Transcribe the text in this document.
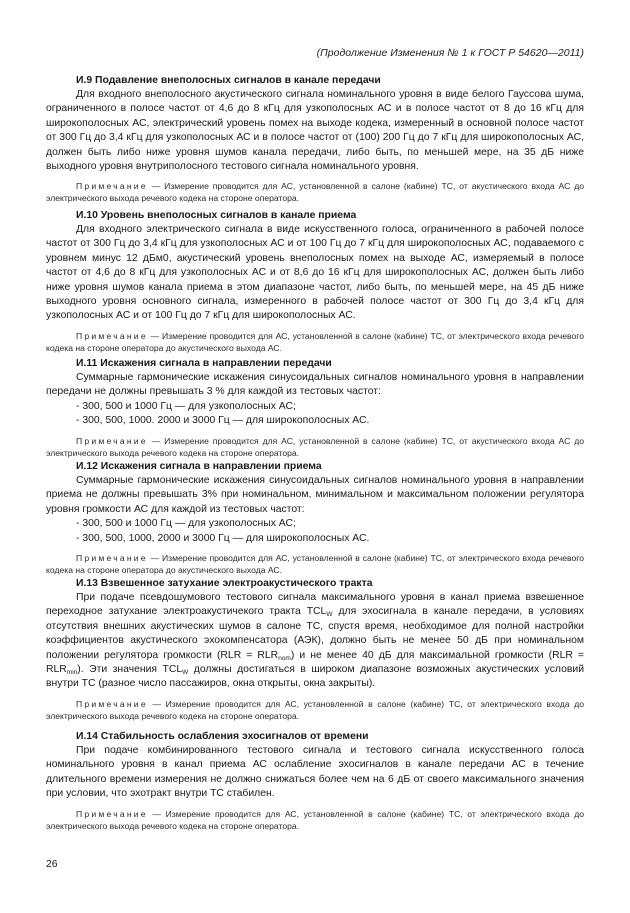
(Продолжение Изменения № 1 к ГОСТ Р 54620—2011)
И.9 Подавление внеполосных сигналов в канале передачи

Для входного внеполосного акустического сигнала номинального уровня в виде белого Гауссова шума, ограниченного в полосе частот от 4,6 до 8 кГц для узкополосных АС и в полосе частот от 8 до 16 кГц для широкополосных АС, электрический уровень помех на выходе кодека, измеренный в основной полосе частот от 300 Гц до 3,4 кГц для узкополосных АС и в полосе частот от (100) 200 Гц до 7 кГц для широкополосных АС, должен быть либо ниже уровня шумов канала передачи, либо быть, по меньшей мере, на 35 дБ ниже выходного уровня внутриполосного тестового сигнала номинального уровня.

Примечание — Измерение проводится для АС, установленной в салоне (кабине) ТС, от акустического входа АС до электрического выхода речевого кодека на стороне оператора.

И.10 Уровень внеполосных сигналов в канале приема

Для входного электрического сигнала в виде искусственного голоса, ограниченного в рабочей полосе частот от 300 Гц до 3,4 кГц для узкополосных АС и от 100 Гц до 7 кГц для широкополосных АС, подаваемого с уровнем минус 12 дБм0, акустический уровень внеполосных помех на выходе АС, измеряемый в полосе частот от 4,6 до 8 кГц для узкополосных АС и от 8,6 до 16 кГц для широкополосных АС, должен быть либо ниже уровня шумов канала приема в этом диапазоне частот, либо быть, по меньшей мере, на 45 дБ ниже выходного уровня основного сигнала, измеренного в рабочей полосе частот от 300 Гц до 3,4 кГц для узкополосных АС и от 100 Гц до 7 кГц для широкополосных АС.

Примечание — Измерение проводится для АС, установленной в салоне (кабине) ТС, от электрического входа речевого кодека на стороне оператора до акустического выхода АС.

И.11 Искажения сигнала в направлении передачи

Суммарные гармонические искажения синусоидальных сигналов номинального уровня в направлении передачи не должны превышать 3 % для каждой из тестовых частот:

- 300, 500 и 1000 Гц — для узкополосных АС;

- 300, 500, 1000. 2000 и 3000 Гц — для широкополосных АС.

Примечание — Измерение проводится для АС, установленной в салоне (кабине) ТС, от акустического входа АС до электрического выхода речевого кодека на стороне оператора.

И.12 Искажения сигнала в направлении приема

Суммарные гармонические искажения синусоидальных сигналов номинального уровня в направлении приема не должны превышать 3% при номинальном, минимальном и максимальном положении регулятора уровня громкости АС для каждой из тестовых частот:

- 300, 500 и 1000 Гц — для узкополосных АС;

- 300, 500, 1000, 2000 и 3000 Гц — для широкополосных АС.

Примечание — Измерение проводится для АС, установленной в салоне (кабине) ТС, от электрического входа речевого кодека на стороне оператора до акустического выхода АС.

И.13 Взвешенное затухание электроакустического тракта

При подаче псевдошумового тестового сигнала максимального уровня в канал приема взвешенное переходное затухание электроакустичекого тракта $TCL_W$ для эхосигнала в канале передачи, в условиях отсутствия внешних акустических шумов в салоне ТС, спустя время, необходимое для полной настройки коэффициентов акустического эхокомпенсатора (АЭК), должно быть не менее 50 дБ при номинальном положении регулятора громкости $(RLR = RLR_{nom})$ и не менее 40 дБ для максимальной громкости $(RLR = RLR_{min})$. Эти значения $TCL_W$ должны достигаться в широком диапазоне возможных акустических условий внутри ТС (разное число пассажиров, окна открыты, окна закрыты).

Примечание — Измерение проводится для АС, установленной в салоне (кабине) ТС, от электрического входа до электрического выхода речевого кодека на стороне оператора.

И.14 Стабильность ослабления эхосигналов от времени

При подаче комбинированного тестового сигнала и тестового сигнала искусственного голоса номинального уровня в канал приема АС ослабление эхосигналов в канале передачи АС в течение длительного времени измерения не должно снижаться более чем на 6 дБ от своего максимального значения при условии, что эхотракт внутри ТС стабилен.

Примечание — Измерение проводится для АС, установленной в салоне (кабине) ТС, от электрического входа до электрического выхода речевого кодека на стороне оператора.

26
